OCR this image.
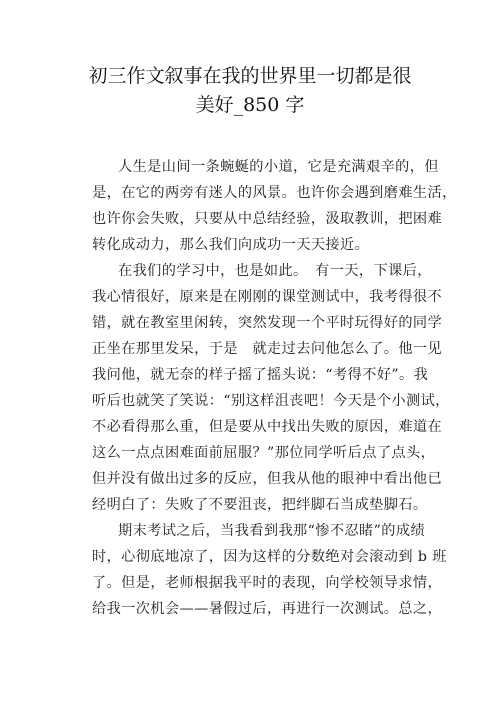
初三作文叙事在我的世界里一切都是很
美好_850 字
人生是山间一条蜿蜒的小道，它是充满艰辛的，但
是，在它的两旁有迷人的风景。也许你会遇到磨难生活，
也许你会失败，只要从中总结经验，汲取教训，把困难
转化成动力，那么我们向成功一天天接近。
在我们的学习中，也是如此。　有一天，下课后，
我心情很好，原来是在刚刚的课堂测试中，我考得很不
错，就在教室里闲转，突然发现一个平时玩得好的同学
正坐在那里发呆，于是　就走过去问他怎么了。他一见
我问他，就无奈的样子摇了摇头说：“考得不好”。我
听后也就笑了笑说：“别这样沮丧吧！今天是个小测试，
不必看得那么重，但是要从中找出失败的原因，难道在
这么一点点困难面前屈服？”那位同学听后点了点头，
但并没有做出过多的反应，但我从他的眼神中看出他已
经明白了：失败了不要沮丧，把绊脚石当成垫脚石。
期末考试之后，当我看到我那“惨不忍睹”的成绩
时，心彻底地凉了，因为这样的分数绝对会滚动到 b 班
了。但是，老师根据我平时的表现，向学校领导求情，
给我一次机会——暑假过后，再进行一次测试。总之，
